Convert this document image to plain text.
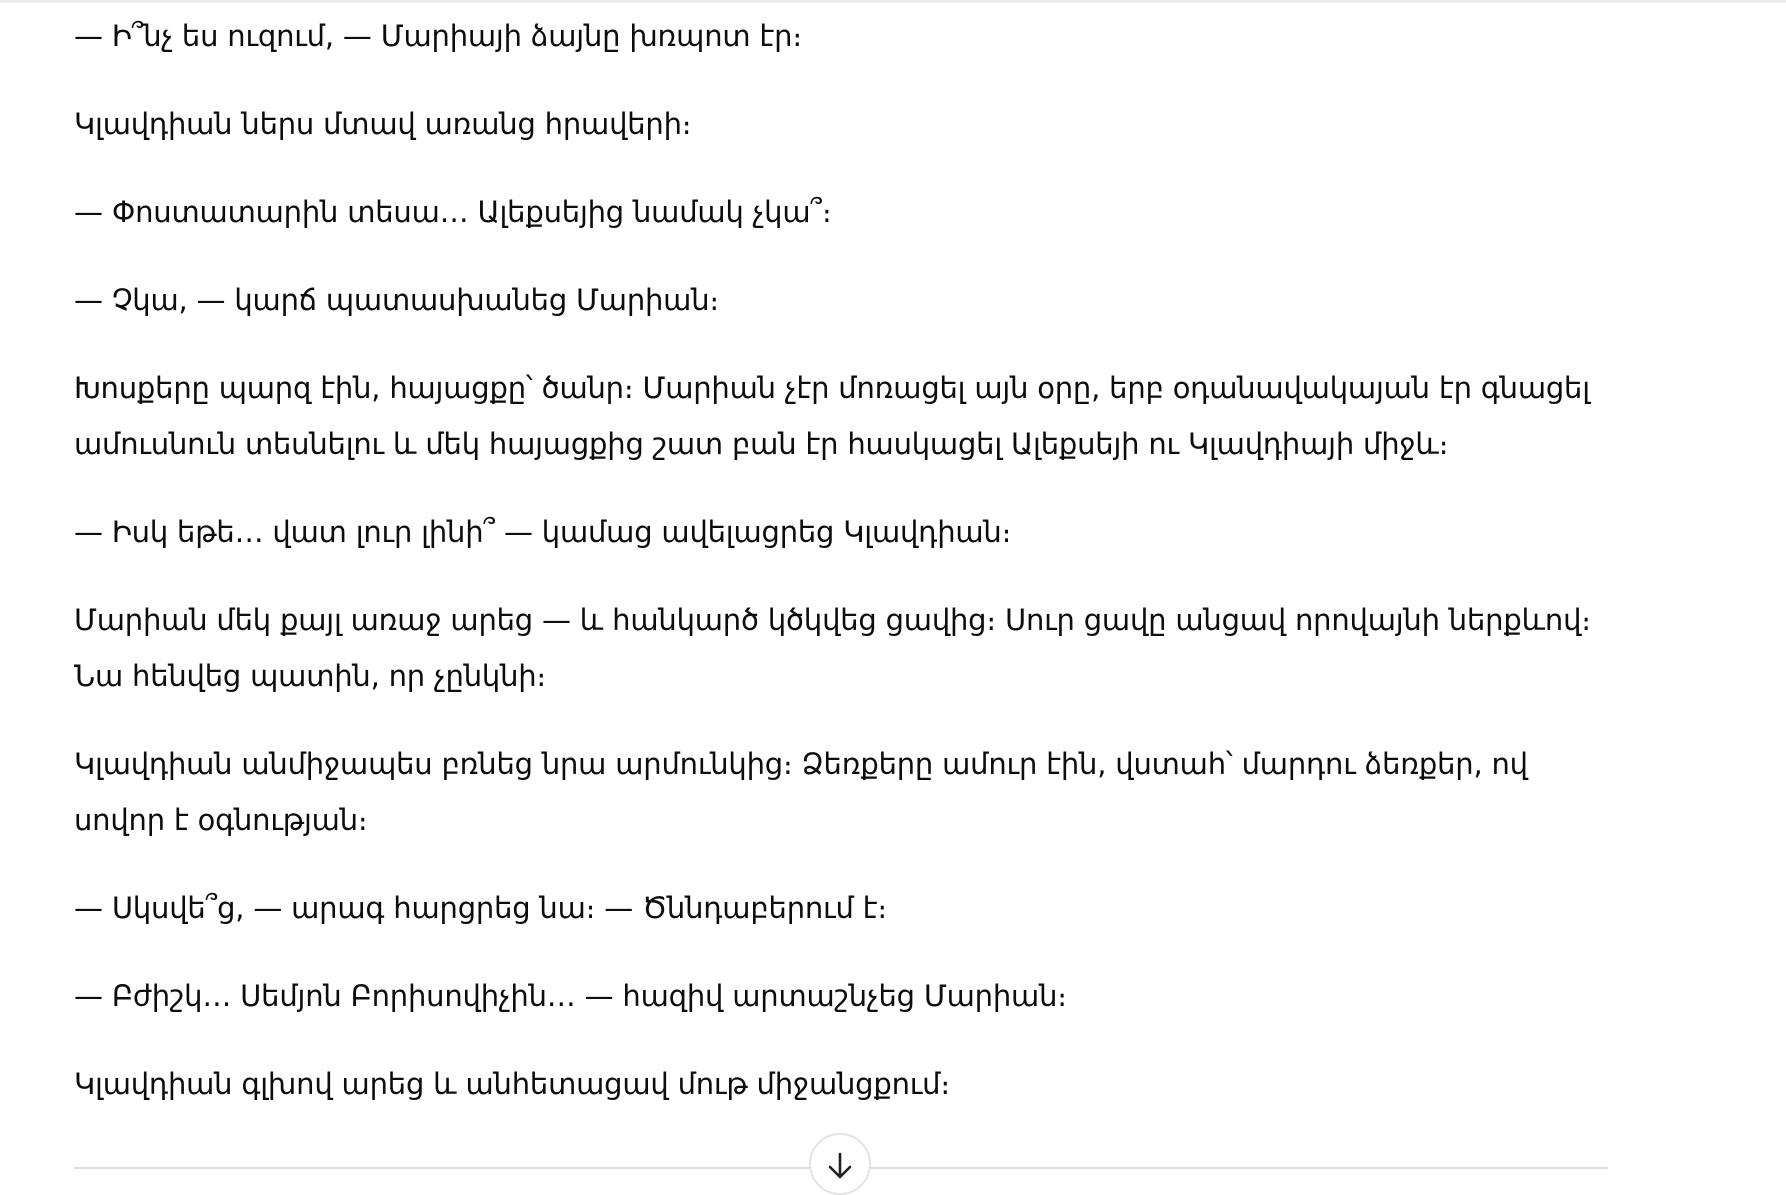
— Ի՞նչ ես ուզում, — Մարիայի ձայնը խռպոտ էր։

Կլավդիան ներս մտավ առանց հրավերի։

— Փոստատարին տեսա… Ալեքսեյից նամակ չկա՞։

— Չկա, — կարճ պատասխանեց Մարիան։

Խոսքերը պարզ էին, հայացքը՝ ծանր։ Մարիան չէր մոռացել այն օրը, երբ օդանավակայան էր գնացել ամուսնուն տեսնելու և մեկ հայացքից շատ բան էր հասկացել Ալեքսեյի ու Կլավդիայի միջև։

— Իսկ եթե… վատ լուր լինի՞ — կամաց ավելացրեց Կլավդիան։

Մարիան մեկ քայլ առաջ արեց — և հանկարծ կծկվեց ցավից։ Սուր ցավը անցավ որովայնի ներքևով։ Նա հենվեց պատին, որ չընկնի։

Կլավդիան անմիջապես բռնեց նրա արմունկից։ Ձեռքերը ամուր էին, վստահ՝ մարդու ձեռքեր, ով սովոր է օգնության։

— Սկսվե՞ց, — արագ հարցրեց նա։ — Ծննդաբերում է։

— Բժիշկ… Սեմյոն Բորիսովիչին… — հազիվ արտաշնչեց Մարիան։

Կլավդիան գլխով արեց և անհետացավ մութ միջանցքում։
